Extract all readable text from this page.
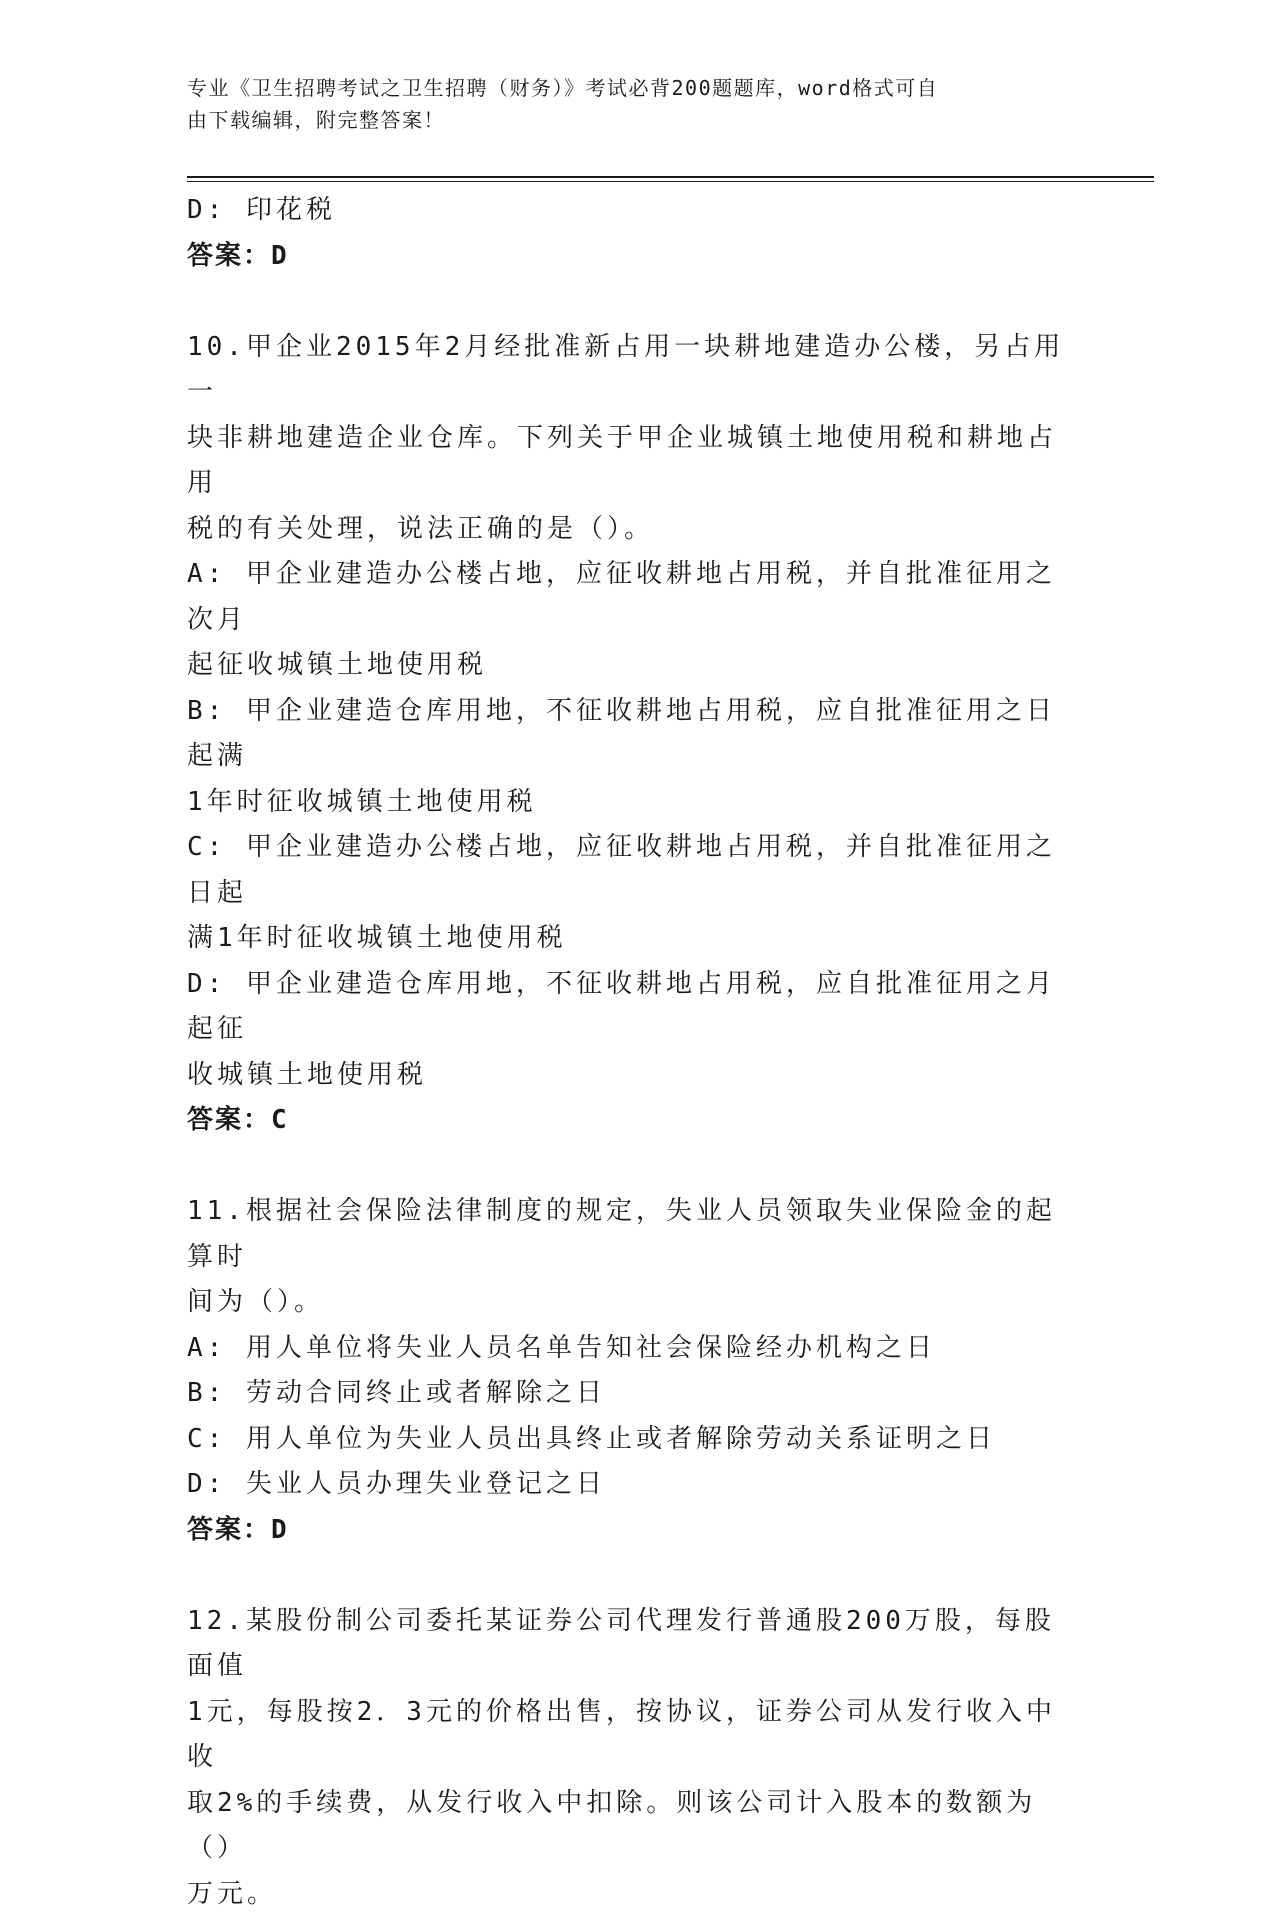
专业《卫生招聘考试之卫生招聘（财务）》考试必背200题题库，word格式可自
由下载编辑，附完整答案！
D: 印花税
答案：D
10.甲企业2015年2月经批准新占用一块耕地建造办公楼，另占用一
块非耕地建造企业仓库。下列关于甲企业城镇土地使用税和耕地占用
税的有关处理，说法正确的是（）。
A: 甲企业建造办公楼占地，应征收耕地占用税，并自批准征用之次月
起征收城镇土地使用税
B: 甲企业建造仓库用地，不征收耕地占用税，应自批准征用之日起满
1年时征收城镇土地使用税
C: 甲企业建造办公楼占地，应征收耕地占用税，并自批准征用之日起
满1年时征收城镇土地使用税
D: 甲企业建造仓库用地，不征收耕地占用税，应自批准征用之月起征
收城镇土地使用税
答案：C
11.根据社会保险法律制度的规定，失业人员领取失业保险金的起算时
间为（）。
A: 用人单位将失业人员名单告知社会保险经办机构之日
B: 劳动合同终止或者解除之日
C: 用人单位为失业人员出具终止或者解除劳动关系证明之日
D: 失业人员办理失业登记之日
答案：D
12.某股份制公司委托某证券公司代理发行普通股200万股，每股面值
1元，每股按2．3元的价格出售，按协议，证券公司从发行收入中收
取2%的手续费，从发行收入中扣除。则该公司计入股本的数额为（）
万元。
